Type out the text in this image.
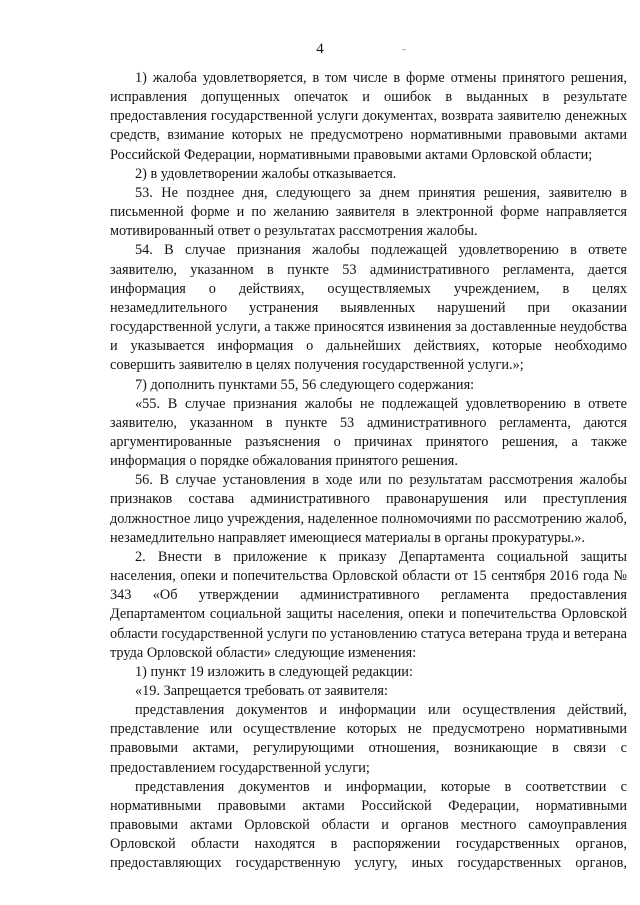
4

1) жалоба удовлетворяется, в том числе в форме отмены принятого решения, исправления допущенных опечаток и ошибок в выданных в результате предоставления государственной услуги документах, возврата заявителю денежных средств, взимание которых не предусмотрено нормативными правовыми актами Российской Федерации, нормативными правовыми актами Орловской области;

2) в удовлетворении жалобы отказывается.

53. Не позднее дня, следующего за днем принятия решения, заявителю в письменной форме и по желанию заявителя в электронной форме направляется мотивированный ответ о результатах рассмотрения жалобы.

54. В случае признания жалобы подлежащей удовлетворению в ответе заявителю, указанном в пункте 53 административного регламента, дается информация о действиях, осуществляемых учреждением, в целях незамедлительного устранения выявленных нарушений при оказании государственной услуги, а также приносятся извинения за доставленные неудобства и указывается информация о дальнейших действиях, которые необходимо совершить заявителю в целях получения государственной услуги.»;

7) дополнить пунктами 55, 56 следующего содержания:

«55. В случае признания жалобы не подлежащей удовлетворению в ответе заявителю, указанном в пункте 53 административного регламента, даются аргументированные разъяснения о причинах принятого решения, а также информация о порядке обжалования принятого решения.

56. В случае установления в ходе или по результатам рассмотрения жалобы признаков состава административного правонарушения или преступления должностное лицо учреждения, наделенное полномочиями по рассмотрению жалоб, незамедлительно направляет имеющиеся материалы в органы прокуратуры.».

2. Внести в приложение к приказу Департамента социальной защиты населения, опеки и попечительства Орловской области от 15 сентября 2016 года № 343 «Об утверждении административного регламента предоставления Департаментом социальной защиты населения, опеки и попечительства Орловской области государственной услуги по установлению статуса ветерана труда и ветерана труда Орловской области» следующие изменения:

1) пункт 19 изложить в следующей редакции:

«19. Запрещается требовать от заявителя:

представления документов и информации или осуществления действий, представление или осуществление которых не предусмотрено нормативными правовыми актами, регулирующими отношения, возникающие в связи с предоставлением государственной услуги;

представления документов и информации, которые в соответствии с нормативными правовыми актами Российской Федерации, нормативными правовыми актами Орловской области и органов местного самоуправления Орловской области находятся в распоряжении государственных органов, предоставляющих государственную услугу, иных государственных органов,
